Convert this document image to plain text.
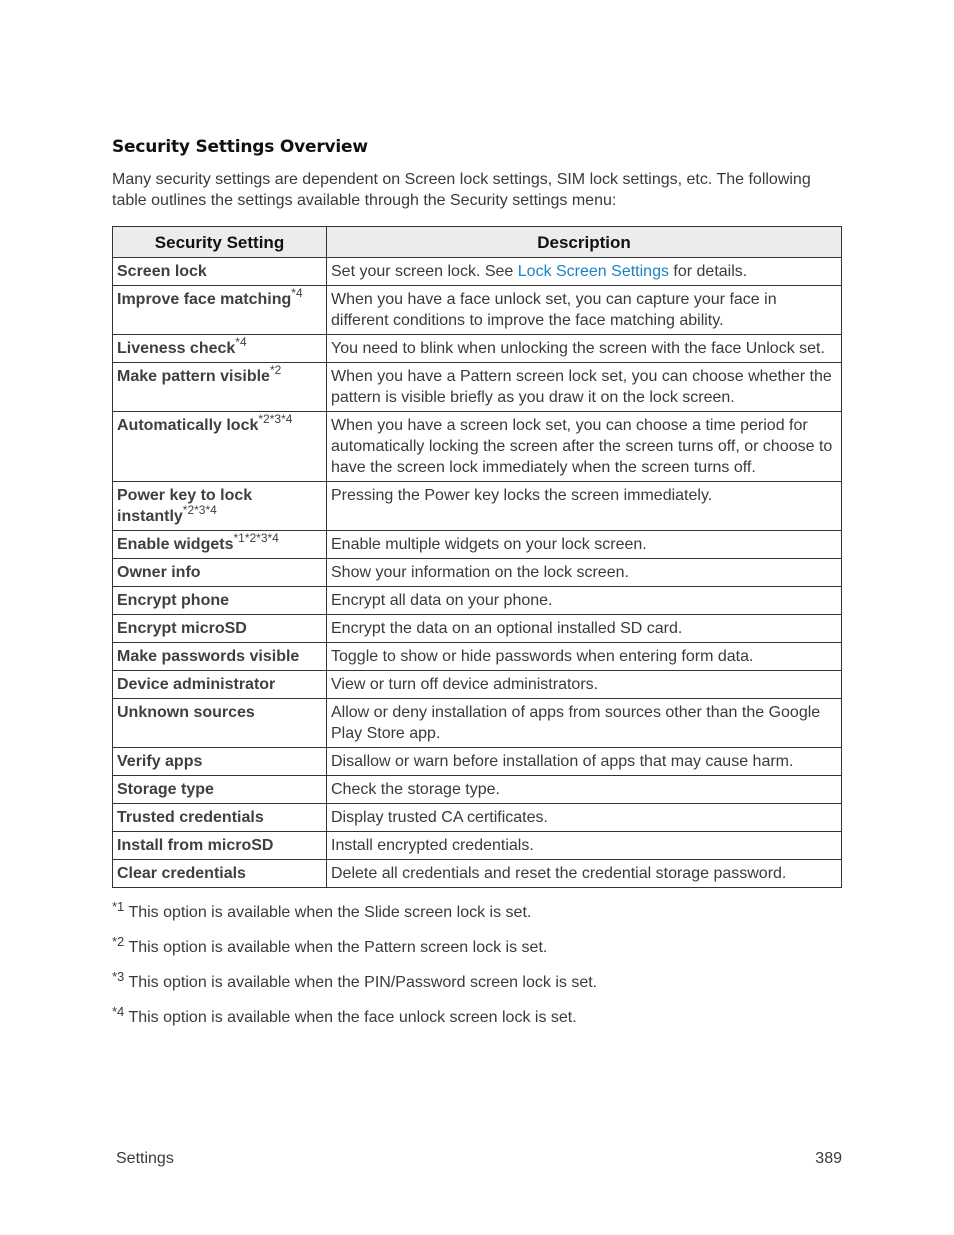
Security Settings Overview

Many security settings are dependent on Screen lock settings, SIM lock settings, etc. The following table outlines the settings available through the Security settings menu:

Security Setting	Description
Screen lock	Set your screen lock. See Lock Screen Settings for details.
Improve face matching$^{*4}$	When you have a face unlock set, you can capture your face in different conditions to improve the face matching ability.
Liveness check$^{*4}$	You need to blink when unlocking the screen with the face Unlock set.
Make pattern visible$^{*2}$	When you have a Pattern screen lock set, you can choose whether the pattern is visible briefly as you draw it on the lock screen.
Automatically lock$^{*2*3*4}$	When you have a screen lock set, you can choose a time period for automatically locking the screen after the screen turns off, or choose to have the screen lock immediately when the screen turns off.
Power key to lock instantly$^{*2*3*4}$	Pressing the Power key locks the screen immediately.
Enable widgets$^{*1*2*3*4}$	Enable multiple widgets on your lock screen.
Owner info	Show your information on the lock screen.
Encrypt phone	Encrypt all data on your phone.
Encrypt microSD	Encrypt the data on an optional installed SD card.
Make passwords visible	Toggle to show or hide passwords when entering form data.
Device administrator	View or turn off device administrators.
Unknown sources	Allow or deny installation of apps from sources other than the Google Play Store app.
Verify apps	Disallow or warn before installation of apps that may cause harm.
Storage type	Check the storage type.
Trusted credentials	Display trusted CA certificates.
Install from microSD	Install encrypted credentials.
Clear credentials	Delete all credentials and reset the credential storage password.
$^{*1}$ This option is available when the Slide screen lock is set.
$^{*2}$ This option is available when the Pattern screen lock is set.
$^{*3}$ This option is available when the PIN/Password screen lock is set.
$^{*4}$ This option is available when the face unlock screen lock is set.
Settings	389
